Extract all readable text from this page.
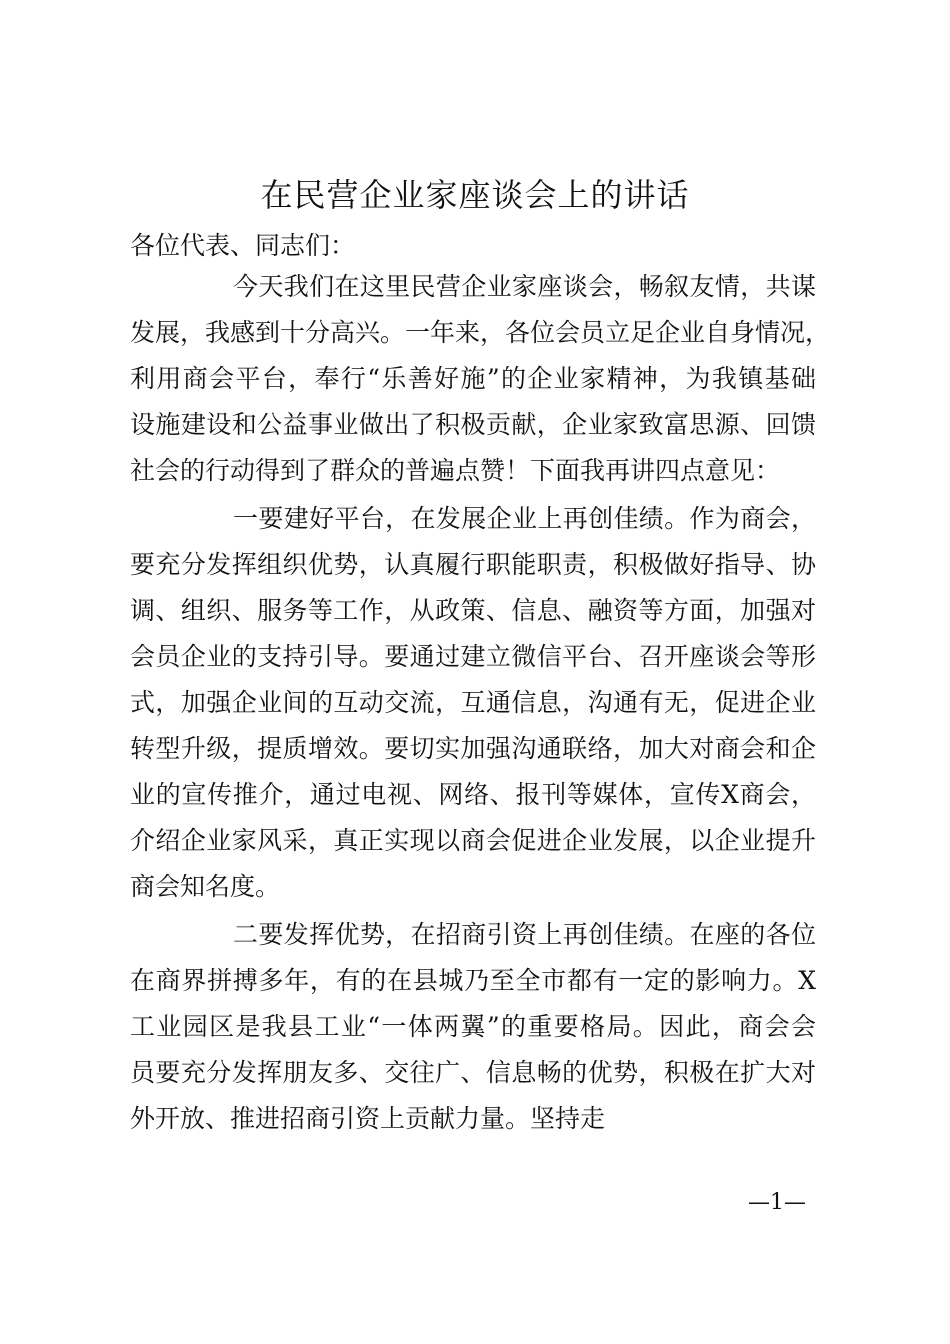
在民营企业家座谈会上的讲话
各位代表、同志们：
今天我们在这里民营企业家座谈会，畅叙友情，共谋
发展，我感到十分高兴。一年来，各位会员立足企业自身情况，
利用商会平台，奉行“乐善好施”的企业家精神，为我镇基础
设施建设和公益事业做出了积极贡献，企业家致富思源、回馈
社会的行动得到了群众的普遍点赞！下面我再讲四点意见：
一要建好平台，在发展企业上再创佳绩。作为商会，
要充分发挥组织优势，认真履行职能职责，积极做好指导、协
调、组织、服务等工作，从政策、信息、融资等方面，加强对
会员企业的支持引导。要通过建立微信平台、召开座谈会等形
式，加强企业间的互动交流，互通信息，沟通有无，促进企业
转型升级，提质增效。要切实加强沟通联络，加大对商会和企
业的宣传推介，通过电视、网络、报刊等媒体，宣传X商会，
介绍企业家风采，真正实现以商会促进企业发展，以企业提升
商会知名度。
二要发挥优势，在招商引资上再创佳绩。在座的各位
在商界拼搏多年，有的在县城乃至全市都有一定的影响力。X
工业园区是我县工业“一体两翼”的重要格局。因此，商会会
员要充分发挥朋友多、交往广、信息畅的优势，积极在扩大对
外开放、推进招商引资上贡献力量。坚持走
—1—
